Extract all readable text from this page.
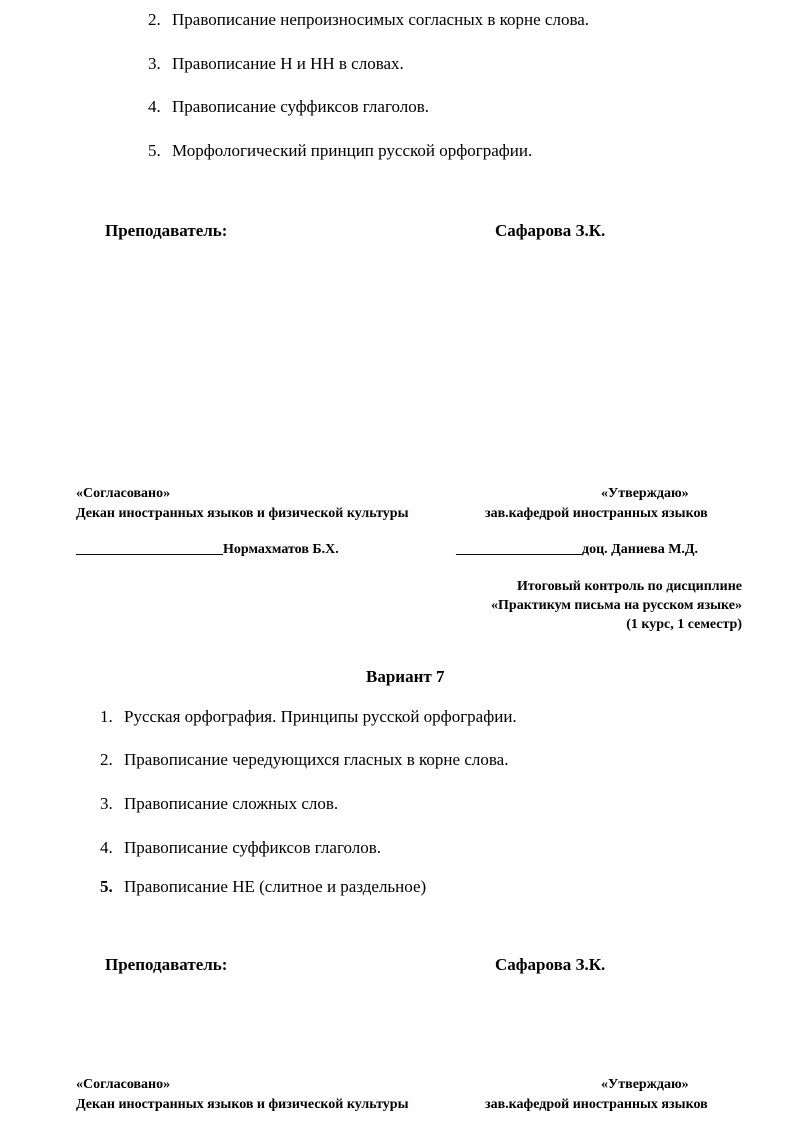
2. Правописание непроизносимых согласных в корне слова.
3. Правописание Н и НН в словах.
4. Правописание суффиксов глаголов.
5. Морфологический принцип русской орфографии.
Преподаватель:	Сафарова З.К.
«Согласовано»	«Утверждаю»
Декан иностранных языков и физической культуры	зав.кафедрой иностранных языков
_____________________Нормахматов Б.Х.	__________________доц. Даниева М.Д.
Итоговый контроль по дисциплине
«Практикум письма на русском языке»
(1 курс, 1 семестр)
Вариант 7
1. Русская орфография. Принципы русской орфографии.
2. Правописание чередующихся гласных в корне слова.
3. Правописание сложных слов.
4. Правописание суффиксов глаголов.
5. Правописание НЕ (слитное и раздельное)
Преподаватель:	Сафарова З.К.
«Согласовано»	«Утверждаю»
Декан иностранных языков и физической культуры	зав.кафедрой иностранных языков
